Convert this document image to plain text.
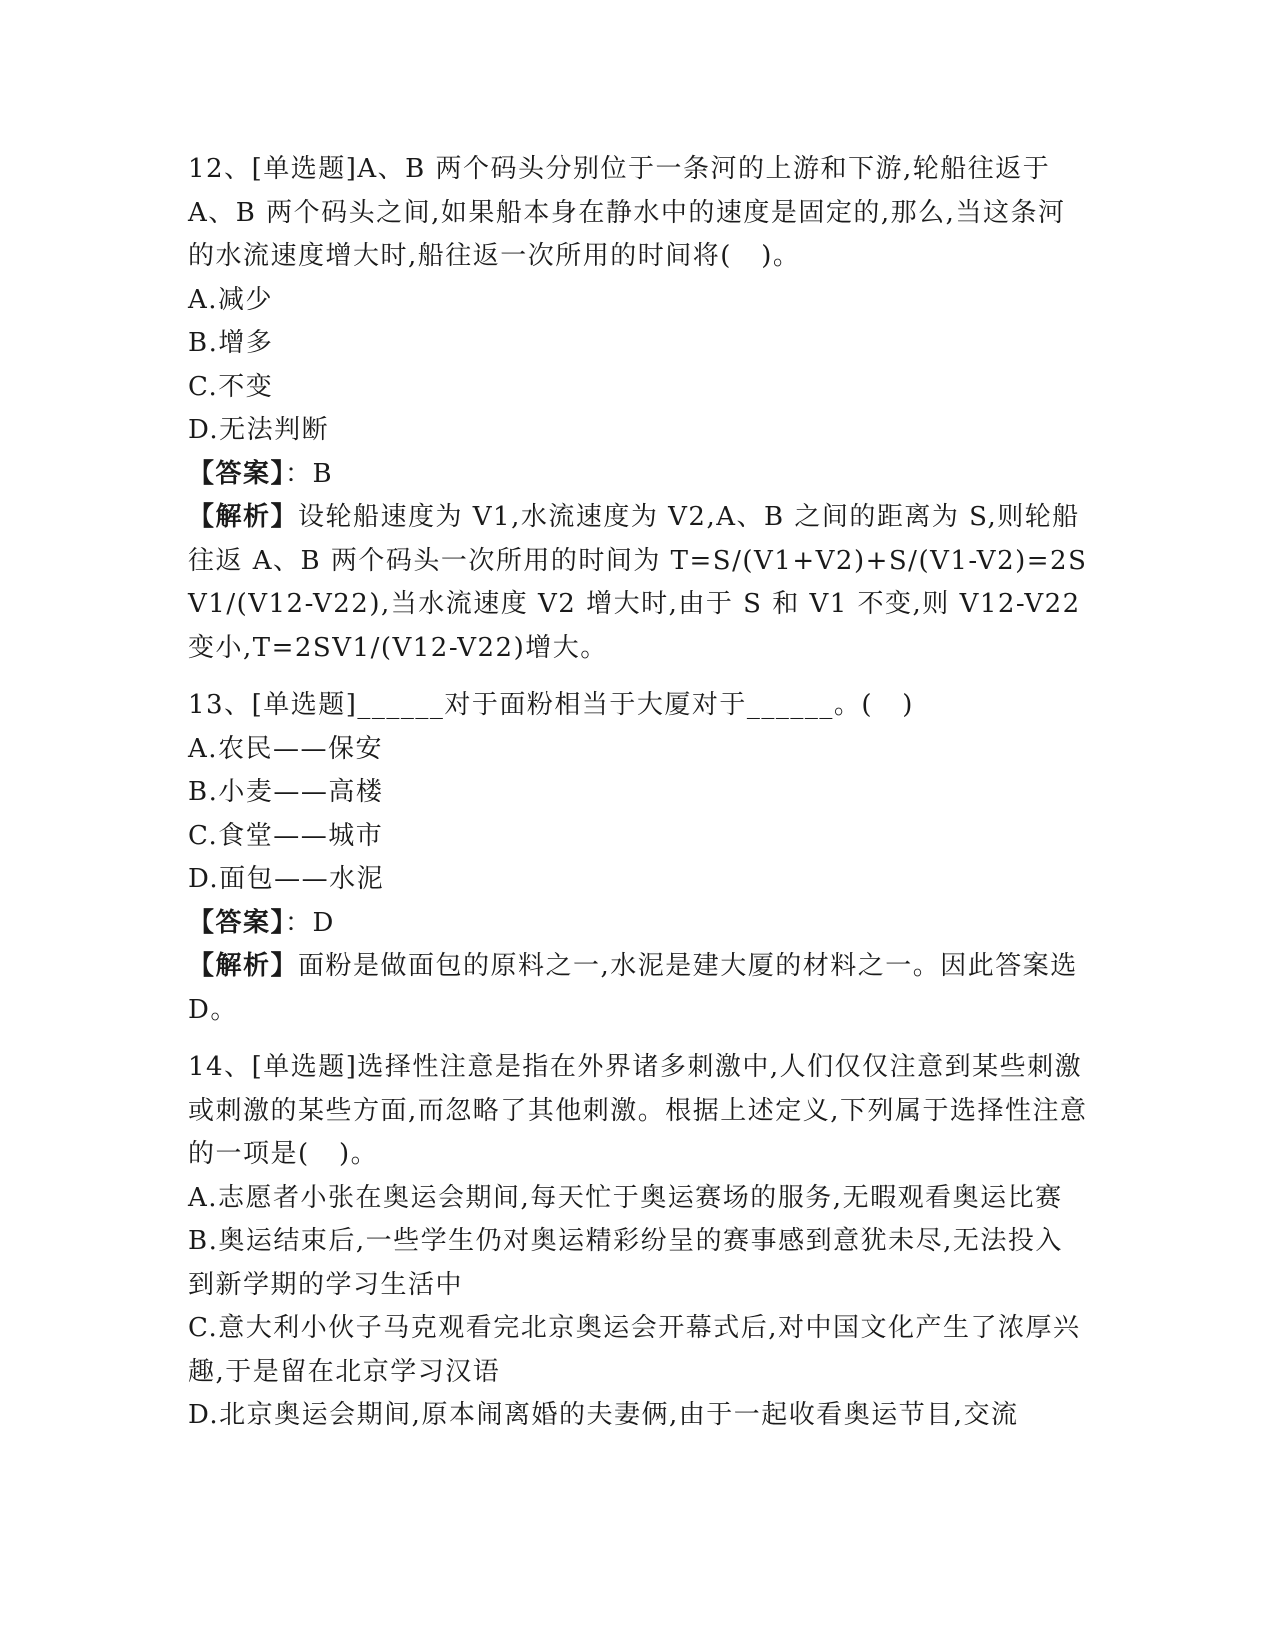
12、[单选题]A、B 两个码头分别位于一条河的上游和下游,轮船往返于A、B 两个码头之间,如果船本身在静水中的速度是固定的,那么,当这条河的水流速度增大时,船往返一次所用的时间将(   )。
A.减少
B.增多
C.不变
D.无法判断
【答案】：B
【解析】设轮船速度为 V1,水流速度为 V2,A、B 之间的距离为 S,则轮船往返 A、B 两个码头一次所用的时间为 T=S/(V1+V2)+S/(V1-V2)=2SV1/(V12-V22),当水流速度 V2 增大时,由于 S 和 V1 不变,则 V12-V22 变小,T=2SV1/(V12-V22)增大。
13、[单选题]______对于面粉相当于大厦对于______。(   )
A.农民——保安
B.小麦——高楼
C.食堂——城市
D.面包——水泥
【答案】：D
【解析】面粉是做面包的原料之一,水泥是建大厦的材料之一。因此答案选 D。
14、[单选题]选择性注意是指在外界诸多刺激中,人们仅仅注意到某些刺激或刺激的某些方面,而忽略了其他刺激。根据上述定义,下列属于选择性注意的一项是(   )。
A.志愿者小张在奥运会期间,每天忙于奥运赛场的服务,无暇观看奥运比赛
B.奥运结束后,一些学生仍对奥运精彩纷呈的赛事感到意犹未尽,无法投入到新学期的学习生活中
C.意大利小伙子马克观看完北京奥运会开幕式后,对中国文化产生了浓厚兴趣,于是留在北京学习汉语
D.北京奥运会期间,原本闹离婚的夫妻俩,由于一起收看奥运节目,交流
